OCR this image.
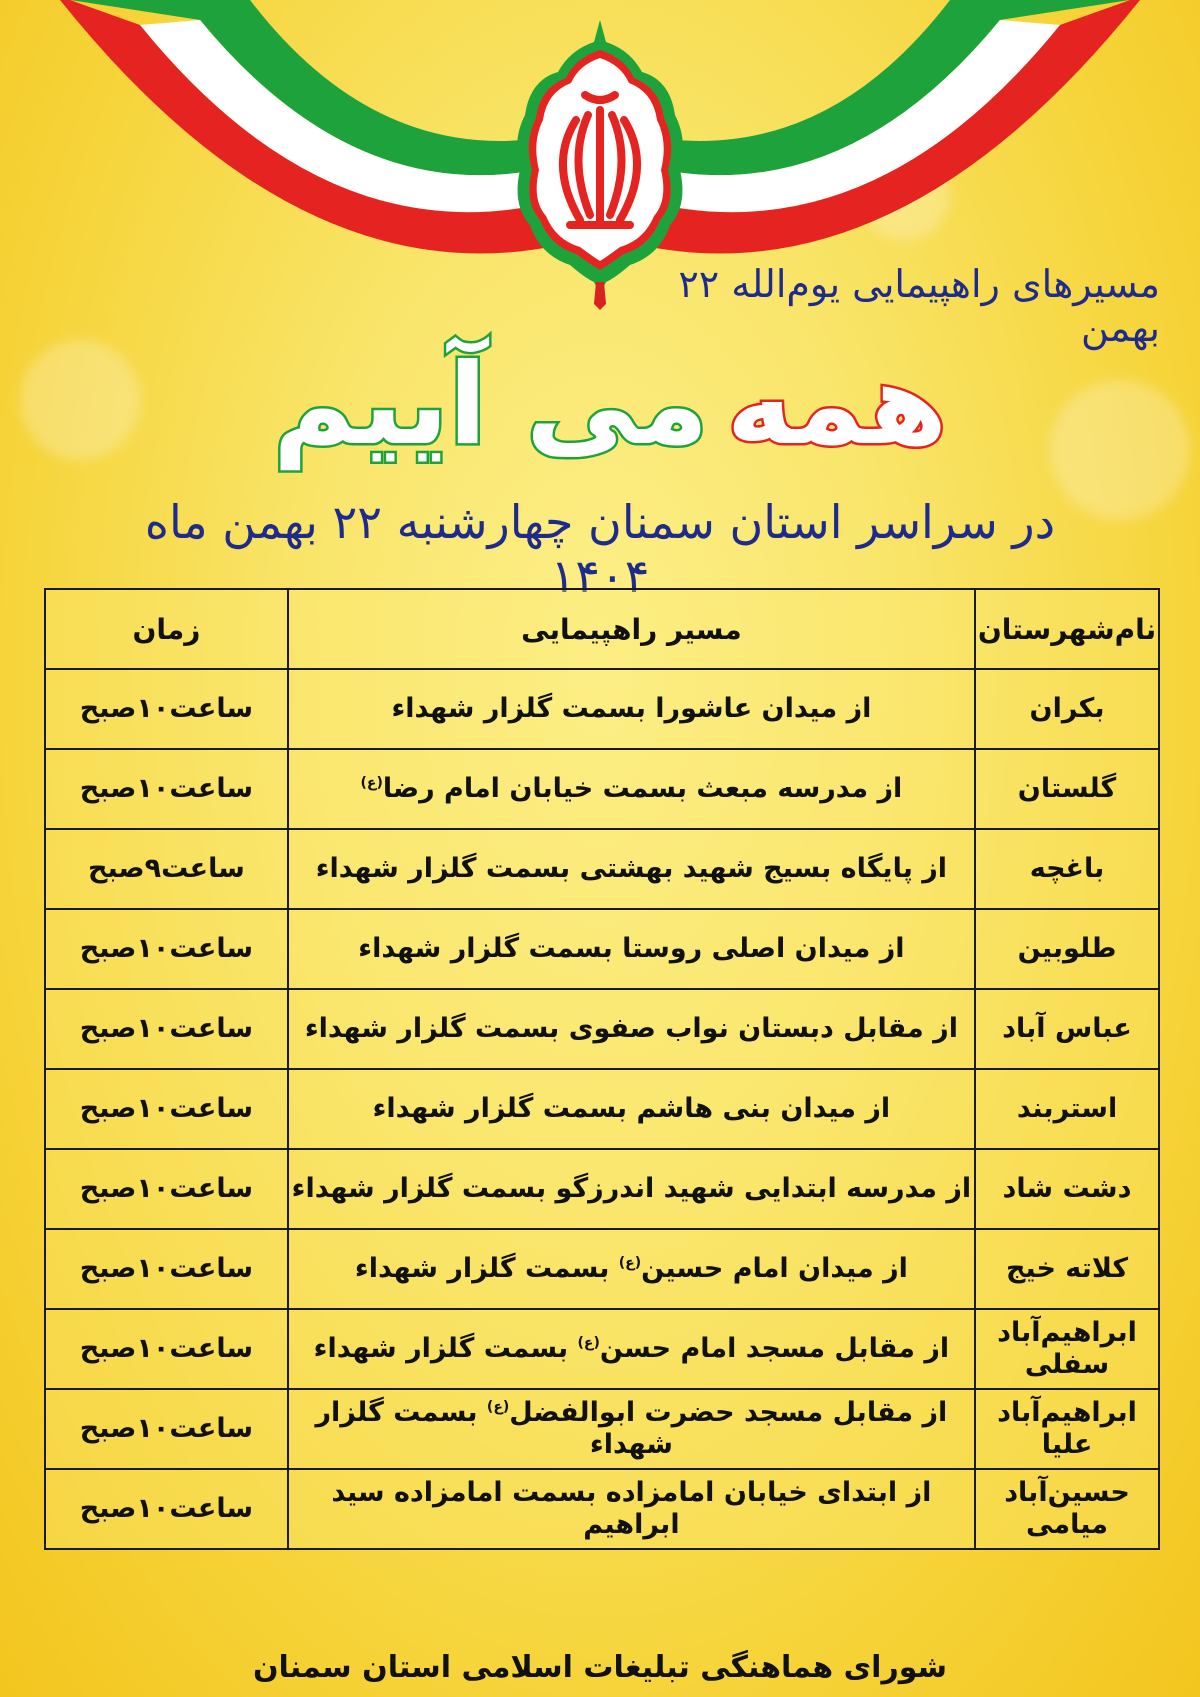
مسیرهای راهپیمایی یوم‌الله ۲۲ بهمن
همه
می آییم
در سراسر استان سمنان چهارشنبه ۲۲ بهمن ماه ۱۴۰۴
نام‌شهرستان	مسیر راهپیمایی	زمان
بکران	از میدان عاشورا بسمت گلزار شهداء	ساعت۱۰صبح
گلستان	از مدرسه مبعث بسمت خیابان امام رضا$^{(ع)}$	ساعت۱۰صبح
باغچه	از پایگاه بسیج شهید بهشتی بسمت گلزار شهداء	ساعت۹صبح
طلوبین	از میدان اصلی روستا بسمت گلزار شهداء	ساعت۱۰صبح
عباس آباد	از مقابل دبستان نواب صفوی بسمت گلزار شهداء	ساعت۱۰صبح
استربند	از میدان بنی هاشم بسمت گلزار شهداء	ساعت۱۰صبح
دشت شاد	از مدرسه ابتدایی شهید اندرزگو بسمت گلزار شهداء	ساعت۱۰صبح
کلاته خیج	از میدان امام حسین$^{(ع)}$ بسمت گلزار شهداء	ساعت۱۰صبح
ابراهیم‌آباد سفلی	از مقابل مسجد امام حسن$^{(ع)}$ بسمت گلزار شهداء	ساعت۱۰صبح
ابراهیم‌آباد علیا	از مقابل مسجد حضرت ابوالفضل$^{(ع)}$ بسمت گلزار شهداء	ساعت۱۰صبح
حسین‌آباد میامی	از ابتدای خیابان امامزاده بسمت امامزاده سید ابراهیم	ساعت۱۰صبح
شورای هماهنگی تبلیغات اسلامی استان سمنان
